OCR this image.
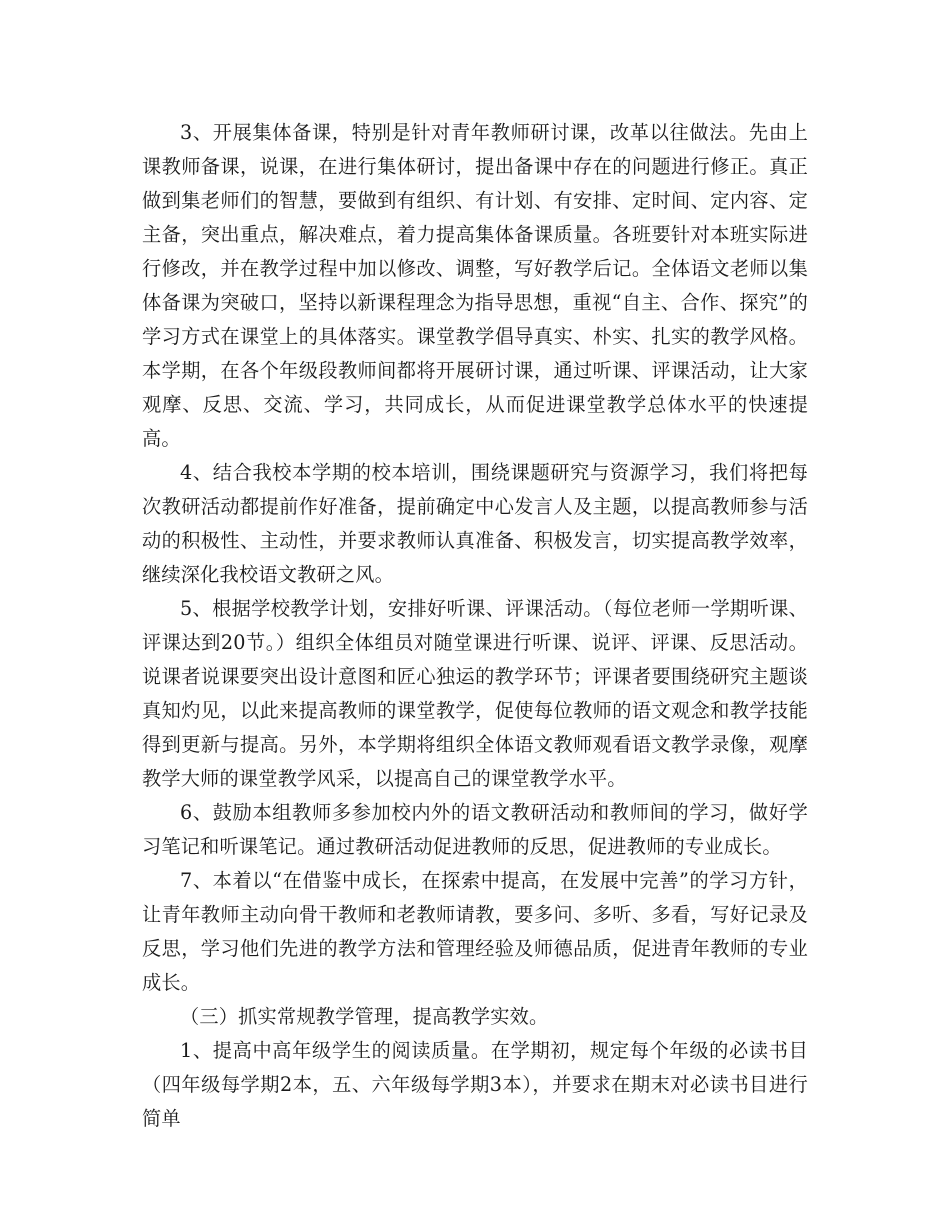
3、开展集体备课，特别是针对青年教师研讨课，改革以往做法。先由上课教师备课，说课，在进行集体研讨，提出备课中存在的问题进行修正。真正做到集老师们的智慧，要做到有组织、有计划、有安排、定时间、定内容、定主备，突出重点，解决难点，着力提高集体备课质量。各班要针对本班实际进行修改，并在教学过程中加以修改、调整，写好教学后记。全体语文老师以集体备课为突破口，坚持以新课程理念为指导思想，重视“自主、合作、探究”的学习方式在课堂上的具体落实。课堂教学倡导真实、朴实、扎实的教学风格。本学期，在各个年级段教师间都将开展研讨课，通过听课、评课活动，让大家观摩、反思、交流、学习，共同成长，从而促进课堂教学总体水平的快速提高。

4、结合我校本学期的校本培训，围绕课题研究与资源学习，我们将把每次教研活动都提前作好准备，提前确定中心发言人及主题，以提高教师参与活动的积极性、主动性，并要求教师认真准备、积极发言，切实提高教学效率，继续深化我校语文教研之风。

5、根据学校教学计划，安排好听课、评课活动。（每位老师一学期听课、评课达到20节。）组织全体组员对随堂课进行听课、说评、评课、反思活动。说课者说课要突出设计意图和匠心独运的教学环节；评课者要围绕研究主题谈真知灼见，以此来提高教师的课堂教学，促使每位教师的语文观念和教学技能得到更新与提高。另外，本学期将组织全体语文教师观看语文教学录像，观摩教学大师的课堂教学风采，以提高自己的课堂教学水平。

6、鼓励本组教师多参加校内外的语文教研活动和教师间的学习，做好学习笔记和听课笔记。通过教研活动促进教师的反思，促进教师的专业成长。

7、本着以“在借鉴中成长，在探索中提高，在发展中完善”的学习方针，让青年教师主动向骨干教师和老教师请教，要多问、多听、多看，写好记录及反思，学习他们先进的教学方法和管理经验及师德品质，促进青年教师的专业成长。

（三）抓实常规教学管理，提高教学实效。

1、提高中高年级学生的阅读质量。在学期初，规定每个年级的必读书目（四年级每学期2本，五、六年级每学期3本），并要求在期末对必读书目进行简单
